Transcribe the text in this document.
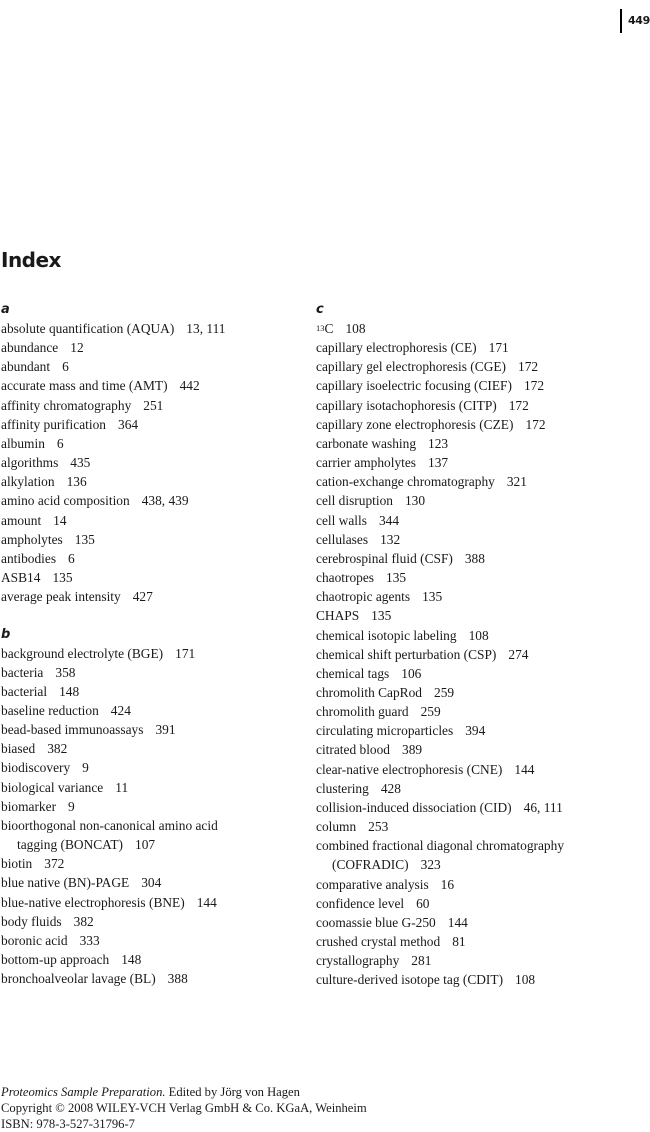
449
Index
a
absolute quantification (AQUA) 13, 111
abundance 12
abundant 6
accurate mass and time (AMT) 442
affinity chromatography 251
affinity purification 364
albumin 6
algorithms 435
alkylation 136
amino acid composition 438, 439
amount 14
ampholytes 135
antibodies 6
ASB14 135
average peak intensity 427
b
background electrolyte (BGE) 171
bacteria 358
bacterial 148
baseline reduction 424
bead-based immunoassays 391
biased 382
biodiscovery 9
biological variance 11
biomarker 9
bioorthogonal non-canonical amino acid
tagging (BONCAT) 107
biotin 372
blue native (BN)-PAGE 304
blue-native electrophoresis (BNE) 144
body fluids 382
boronic acid 333
bottom-up approach 148
bronchoalveolar lavage (BL) 388
c
$^{13}$C 108
capillary electrophoresis (CE) 171
capillary gel electrophoresis (CGE) 172
capillary isoelectric focusing (CIEF) 172
capillary isotachophoresis (CITP) 172
capillary zone electrophoresis (CZE) 172
carbonate washing 123
carrier ampholytes 137
cation-exchange chromatography 321
cell disruption 130
cell walls 344
cellulases 132
cerebrospinal fluid (CSF) 388
chaotropes 135
chaotropic agents 135
CHAPS 135
chemical isotopic labeling 108
chemical shift perturbation (CSP) 274
chemical tags 106
chromolith CapRod 259
chromolith guard 259
circulating microparticles 394
citrated blood 389
clear-native electrophoresis (CNE) 144
clustering 428
collision-induced dissociation (CID) 46, 111
column 253
combined fractional diagonal chromatography
(COFRADIC) 323
comparative analysis 16
confidence level 60
coomassie blue G-250 144
crushed crystal method 81
crystallography 281
culture-derived isotope tag (CDIT) 108
Proteomics Sample Preparation. Edited by Jörg von Hagen
Copyright © 2008 WILEY-VCH Verlag GmbH & Co. KGaA, Weinheim
ISBN: 978-3-527-31796-7
